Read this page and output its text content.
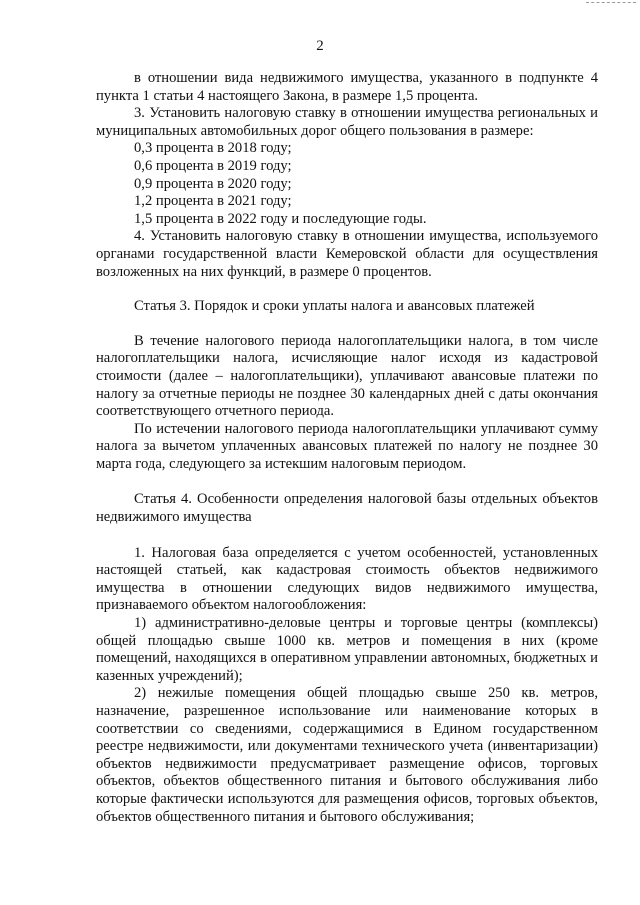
2

в отношении вида недвижимого имущества, указанного в подпункте 4 пункта 1 статьи 4 настоящего Закона, в размере 1,5 процента.

3. Установить налоговую ставку в отношении имущества региональных и муниципальных автомобильных дорог общего пользования в размере:

0,3 процента в 2018 году;

0,6 процента в 2019 году;

0,9 процента в 2020 году;

1,2 процента в 2021 году;

1,5 процента в 2022 году и последующие годы.

4. Установить налоговую ставку в отношении имущества, используемого органами государственной власти Кемеровской области для осуществления возложенных на них функций, в размере 0 процентов.

Статья 3. Порядок и сроки уплаты налога и авансовых платежей

В течение налогового периода налогоплательщики налога, в том числе налогоплательщики налога, исчисляющие налог исходя из кадастровой стоимости (далее – налогоплательщики), уплачивают авансовые платежи по налогу за отчетные периоды не позднее 30 календарных дней с даты окончания соответствующего отчетного периода.

По истечении налогового периода налогоплательщики уплачивают сумму налога за вычетом уплаченных авансовых платежей по налогу не позднее 30 марта года, следующего за истекшим налоговым периодом.

Статья 4. Особенности определения налоговой базы отдельных объектов недвижимого имущества

1. Налоговая база определяется с учетом особенностей, установленных настоящей статьей, как кадастровая стоимость объектов недвижимого имущества в отношении следующих видов недвижимого имущества, признаваемого объектом налогообложения:

1) административно-деловые центры и торговые центры (комплексы) общей площадью свыше 1000 кв. метров и помещения в них (кроме помещений, находящихся в оперативном управлении автономных, бюджетных и казенных учреждений);

2) нежилые помещения общей площадью свыше 250 кв. метров, назначение, разрешенное использование или наименование которых в соответствии со сведениями, содержащимися в Едином государственном реестре недвижимости, или документами технического учета (инвентаризации) объектов недвижимости предусматривает размещение офисов, торговых объектов, объектов общественного питания и бытового обслуживания либо которые фактически используются для размещения офисов, торговых объектов, объектов общественного питания и бытового обслуживания;
